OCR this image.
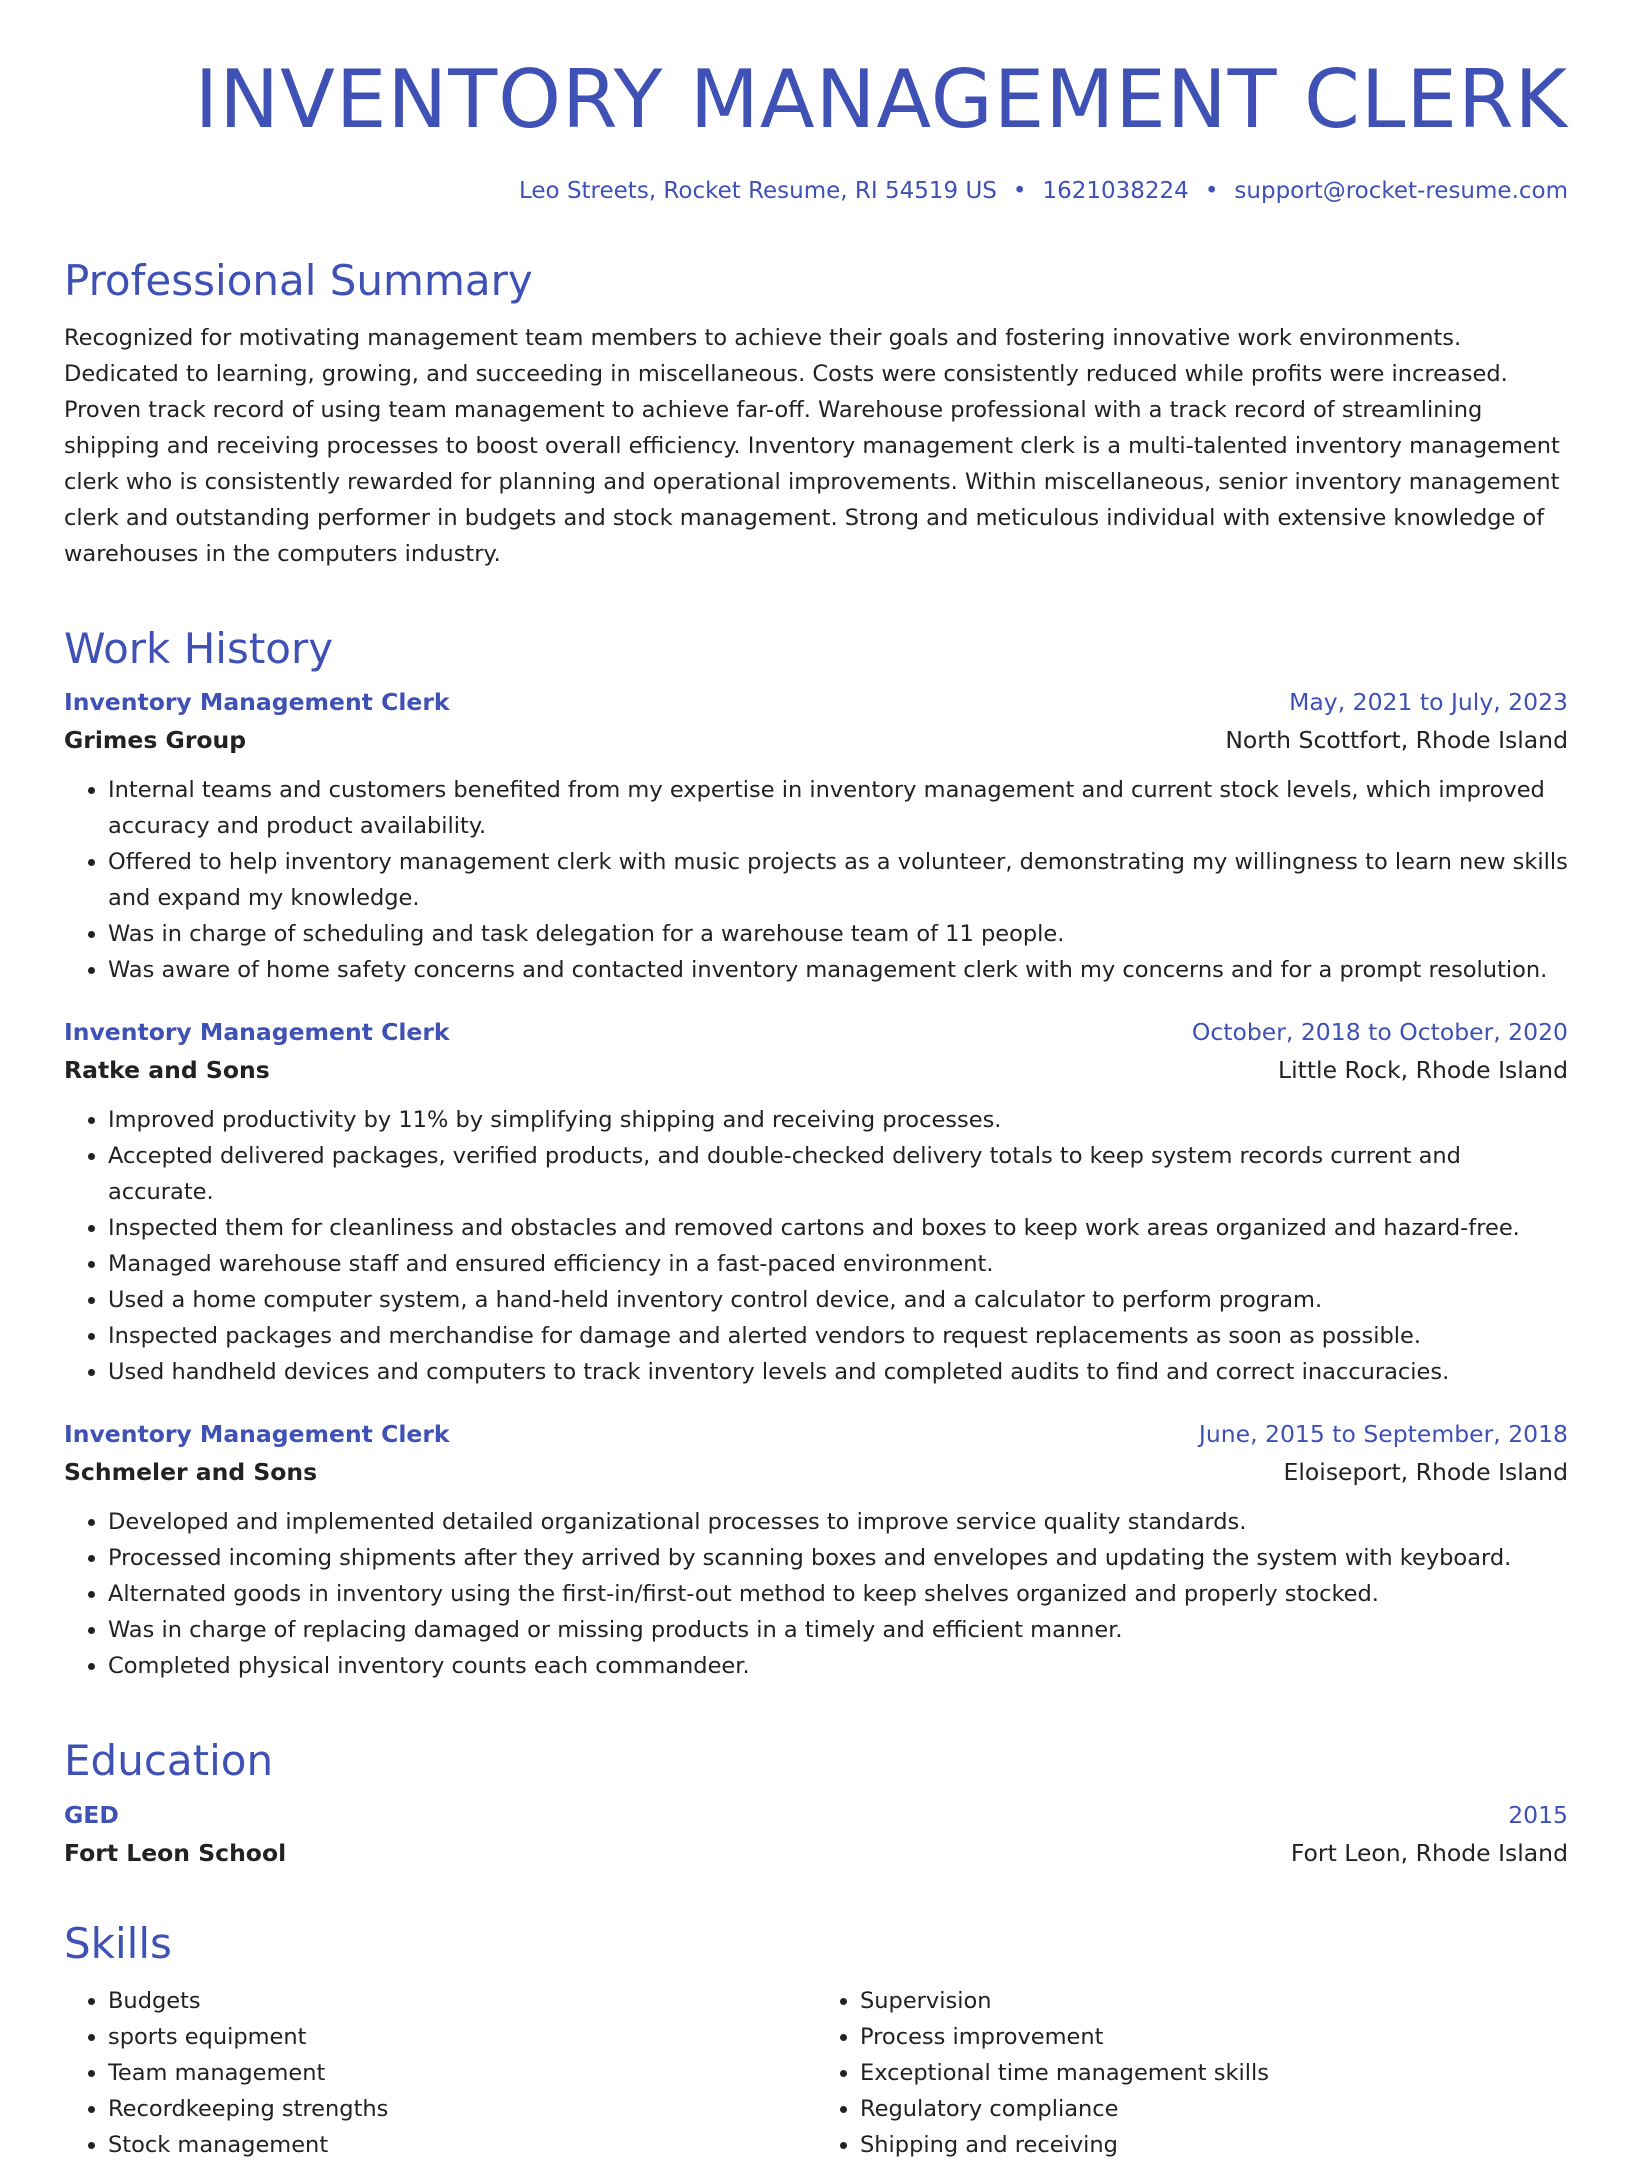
INVENTORY MANAGEMENT CLERK
Leo Streets, Rocket Resume, RI 54519 US • 1621038224 • support@rocket-resume.com
Professional Summary

Recognized for motivating management team members to achieve their goals and fostering innovative work environments. Dedicated to learning, growing, and succeeding in miscellaneous. Costs were consistently reduced while profits were increased. Proven track record of using team management to achieve far-off. Warehouse professional with a track record of streamlining shipping and receiving processes to boost overall efficiency. Inventory management clerk is a multi-talented inventory management clerk who is consistently rewarded for planning and operational improvements. Within miscellaneous, senior inventory management clerk and outstanding performer in budgets and stock management. Strong and meticulous individual with extensive knowledge of warehouses in the computers industry.

Work History
Inventory Management Clerk	May, 2021 to July, 2023
Grimes Group	North Scottfort, Rhode Island
• Internal teams and customers benefited from my expertise in inventory management and current stock levels, which improved accuracy and product availability.
• Offered to help inventory management clerk with music projects as a volunteer, demonstrating my willingness to learn new skills and expand my knowledge.
• Was in charge of scheduling and task delegation for a warehouse team of 11 people.
• Was aware of home safety concerns and contacted inventory management clerk with my concerns and for a prompt resolution.
Inventory Management Clerk	October, 2018 to October, 2020
Ratke and Sons	Little Rock, Rhode Island
• Improved productivity by 11% by simplifying shipping and receiving processes.
• Accepted delivered packages, verified products, and double-checked delivery totals to keep system records current and accurate.
• Inspected them for cleanliness and obstacles and removed cartons and boxes to keep work areas organized and hazard-free.
• Managed warehouse staff and ensured efficiency in a fast-paced environment.
• Used a home computer system, a hand-held inventory control device, and a calculator to perform program.
• Inspected packages and merchandise for damage and alerted vendors to request replacements as soon as possible.
• Used handheld devices and computers to track inventory levels and completed audits to find and correct inaccuracies.
Inventory Management Clerk	June, 2015 to September, 2018
Schmeler and Sons	Eloiseport, Rhode Island
• Developed and implemented detailed organizational processes to improve service quality standards.
• Processed incoming shipments after they arrived by scanning boxes and envelopes and updating the system with keyboard.
• Alternated goods in inventory using the first-in/first-out method to keep shelves organized and properly stocked.
• Was in charge of replacing damaged or missing products in a timely and efficient manner.
• Completed physical inventory counts each commandeer.
Education
GED	2015
Fort Leon School	Fort Leon, Rhode Island
Skills
• Budgets
• sports equipment
• Team management
• Recordkeeping strengths
• Stock management
• Supervision
• Process improvement
• Exceptional time management skills
• Regulatory compliance
• Shipping and receiving
